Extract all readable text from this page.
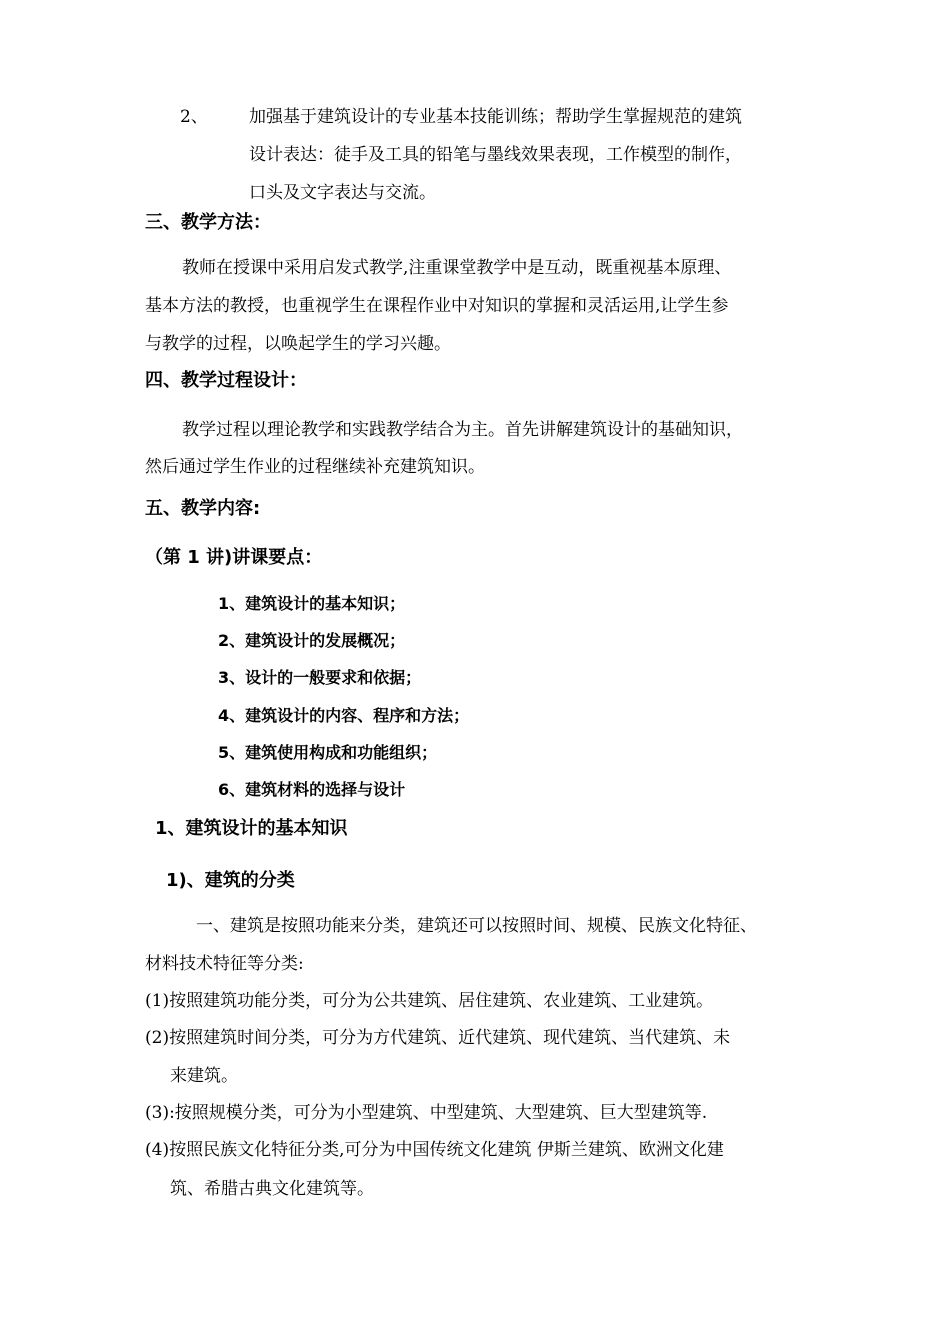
2、 加强基于建筑设计的专业基本技能训练；帮助学生掌握规范的建筑
设计表达：徒手及工具的铅笔与墨线效果表现，工作模型的制作，
口头及文字表达与交流。
三、教学方法：
教师在授课中采用启发式教学,注重课堂教学中是互动，既重视基本原理、
基本方法的教授，也重视学生在课程作业中对知识的掌握和灵活运用,让学生参
与教学的过程，以唤起学生的学习兴趣。
四、教学过程设计：
教学过程以理论教学和实践教学结合为主。首先讲解建筑设计的基础知识，
然后通过学生作业的过程继续补充建筑知识。
五、教学内容:
（第 1 讲)讲课要点：
1、建筑设计的基本知识；
2、建筑设计的发展概况；
3、设计的一般要求和依据；
4、建筑设计的内容、程序和方法；
5、建筑使用构成和功能组织；
6、建筑材料的选择与设计
1、建筑设计的基本知识
1)、建筑的分类
一、建筑是按照功能来分类，建筑还可以按照时间、规模、民族文化特征、
材料技术特征等分类:
(1)按照建筑功能分类，可分为公共建筑、居住建筑、农业建筑、工业建筑。
(2)按照建筑时间分类，可分为方代建筑、近代建筑、现代建筑、当代建筑、未
来建筑。
(3):按照规模分类，可分为小型建筑、中型建筑、大型建筑、巨大型建筑等.
(4)按照民族文化特征分类,可分为中国传统文化建筑 伊斯兰建筑、欧洲文化建
筑、希腊古典文化建筑等。
